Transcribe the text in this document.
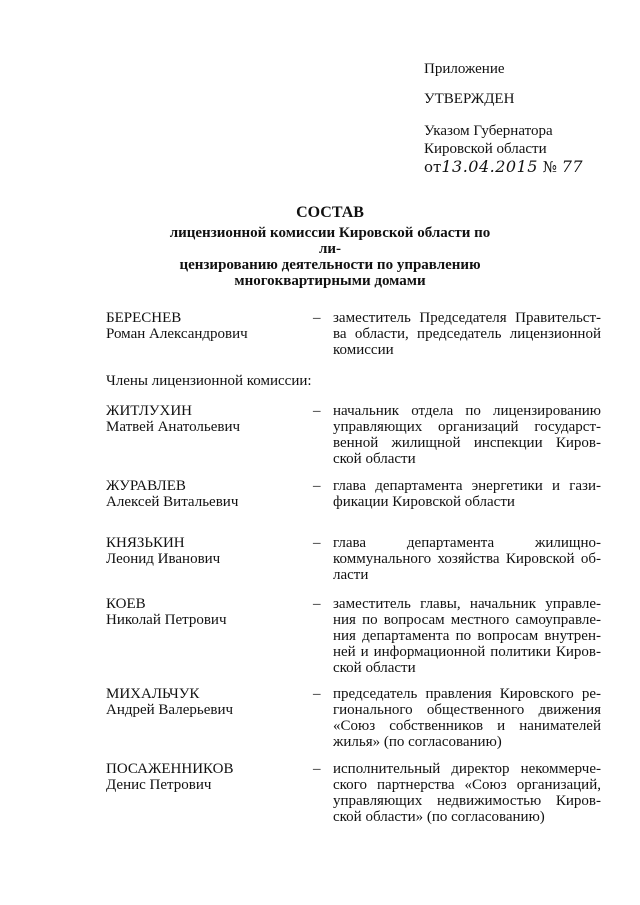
Приложение
УТВЕРЖДЕН
Указом Губернатора
Кировской области
от13.04.2015 № 77
СОСТАВ
лицензионной комиссии Кировской области по ли-
цензированию деятельности по управлению
многоквартирными домами
БЕРЕСНЕВ
Роман Александрович
– заместитель Председателя Правительст-ва области, председатель лицензионной комиссии
Члены лицензионной комиссии:
ЖИТЛУХИН
Матвей Анатольевич
– начальник отдела по лицензированию управляющих организаций государст-венной жилищной инспекции Киров-ской области
ЖУРАВЛЕВ
Алексей Витальевич
– глава департамента энергетики и гази-фикации Кировской области
КНЯЗЬКИН
Леонид Иванович
– глава департамента жилищно-коммунального хозяйства Кировской об-ласти
КОЕВ
Николай Петрович
– заместитель главы, начальник управле-ния по вопросам местного самоуправле-ния департамента по вопросам внутрен-ней и информационной политики Киров-ской области
МИХАЛЬЧУК
Андрей Валерьевич
– председатель правления Кировского ре-гионального общественного движения «Союз собственников и нанимателей жилья» (по согласованию)
ПОСАЖЕННИКОВ
Денис Петрович
– исполнительный директор некоммерче-ского партнерства «Союз организаций, управляющих недвижимостью Киров-ской области» (по согласованию)
